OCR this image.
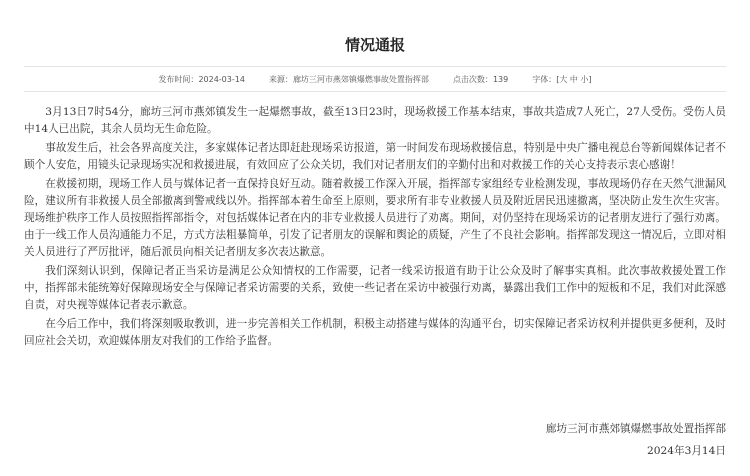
情况通报
发布时间：2024-03-14	来源：廊坊三河市燕郊镇爆燃事故处置指挥部	点击次数：139	字体：[大 中 小]

3月13日7时54分，廊坊三河市燕郊镇发生一起爆燃事故，截至13日23时，现场救援工作基本结束，事故共造成7人死亡，27人受伤。受伤人员中14人已出院，其余人员均无生命危险。

事故发生后，社会各界高度关注，多家媒体记者达即赶赴现场采访报道，第一时间发布现场救援信息，特别是中央广播电视总台等新闻媒体记者不顾个人安危，用镜头记录现场实况和救援进展，有效回应了公众关切，我们对记者朋友们的辛勤付出和对救援工作的关心支持表示衷心感谢！

在救援初期，现场工作人员与媒体记者一直保持良好互动。随着救援工作深入开展，指挥部专家组经专业检测发现，事故现场仍存在天然气泄漏风险，建议所有非救援人员全部撤离到警戒线以外。指挥部本着生命至上原则，要求所有非专业救援人员及附近居民迅速撤离，坚决防止发生次生灾害。现场维护秩序工作人员按照指挥部指令，对包括媒体记者在内的非专业救援人员进行了劝离。期间，对仍坚持在现场采访的记者朋友进行了强行劝离。由于一线工作人员沟通能力不足，方式方法粗暴简单，引发了记者朋友的误解和舆论的质疑，产生了不良社会影响。指挥部发现这一情况后，立即对相关人员进行了严厉批评，随后派员向相关记者朋友多次表达歉意。

我们深刻认识到，保障记者正当采访是满足公众知情权的工作需要，记者一线采访报道有助于让公众及时了解事实真相。此次事故救援处置工作中，指挥部未能统筹好保障现场安全与保障记者采访需要的关系，致使一些记者在采访中被强行劝离，暴露出我们工作中的短板和不足，我们对此深感自责，对央视等媒体记者表示歉意。

在今后工作中，我们将深刻吸取教训，进一步完善相关工作机制，积极主动搭建与媒体的沟通平台，切实保障记者采访权利并提供更多便利，及时回应社会关切，欢迎媒体朋友对我们的工作给予监督。

廊坊三河市燕郊镇爆燃事故处置指挥部
2024年3月14日
